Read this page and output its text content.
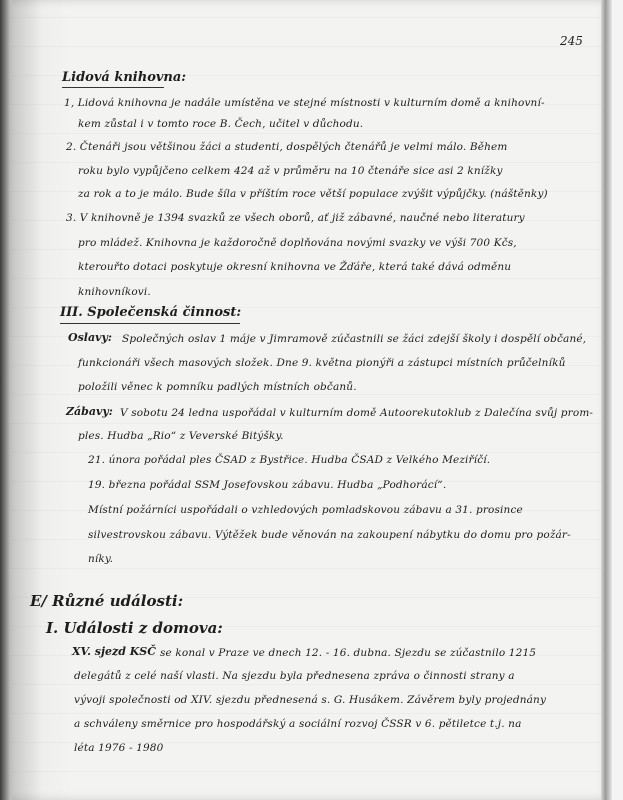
245
Lidová knihovna:
1, Lidová knihovna je nadále umístěna ve stejné místnosti v kulturním domě a knihovní-
kem zůstal i v tomto roce B. Čech, učitel v důchodu.
2. Čtenáři jsou většinou žáci a studenti, dospělých čtenářů je velmi málo. Během
roku bylo vypůjčeno celkem 424 až v průměru na 10 čtenáře sice asi 2 knížky
za rok a to je málo. Bude šíla v příštím roce větší populace zvýšit výpůjčky. (náštěnky)
3. V knihovně je 1394 svazků ze všech oborů, ať již zábavné, naučné nebo literatury
pro mládež. Knihovna je každoročně doplňována novými svazky ve výši 700 Kčs,
kterouřto dotaci poskytuje okresní knihovna ve Žďáře, která také dává odměnu
knihovníkovi.
III. Společenská činnost:
Oslavy: Společných oslav 1 máje v Jimramově zúčastnili se žáci zdejší školy i dospělí občané,
funkcionáři všech masových složek. Dne 9. května pionýři a zástupci místních průčelníků
položili věnec k pomníku padlých místních občanů.
Zábavy: V sobotu 24 ledna uspořádal v kulturním domě Autoorekutoklub z Dalečína svůj prom-
ples. Hudba „Rio“ z Veverské Bitýšky.
21. února pořádal ples ČSAD z Bystřice. Hudba ČSAD z Velkého Meziříčí.
19. března pořádal SSM Josefovskou zábavu. Hudba „Podhorácí“.
Místní požárníci uspořádali o vzhledových pomladskovou zábavu a 31. prosince
silvestrovskou zábavu. Výtěžek bude věnován na zakoupení nábytku do domu pro požár-
níky.
E/ Různé události:
I. Události z domova:
XV. sjezd KSČ se konal v Praze ve dnech 12. - 16. dubna. Sjezdu se zúčastnilo 1215
delegátů z celé naší vlasti. Na sjezdu byla přednesena zpráva o činnosti strany a
vývoji společnosti od XIV. sjezdu přednesená s. G. Husákem. Závěrem byly projednány
a schváleny směrnice pro hospodářský a sociální rozvoj ČSSR v 6. pětiletce t.j. na
léta 1976 - 1980
